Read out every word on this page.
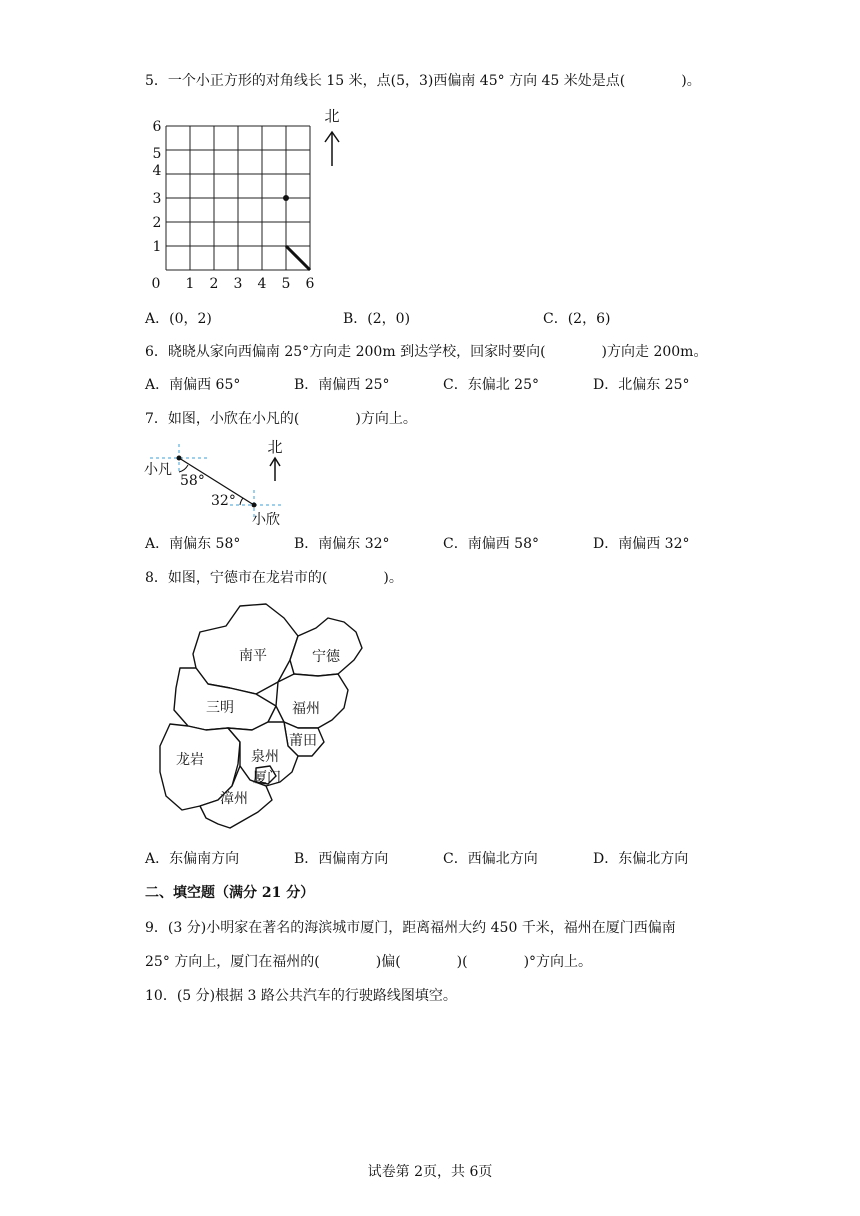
5．一个小正方形的对角线长 15 米，点(5，3)西偏南 45° 方向 45 米处是点(　　　　)。
0 1 2 3 4 5 6
1
2
3
4
5
6
北
A．(0，2)	B．(2，0)	C．(2，6)
6．晓晓从家向西偏南 25°方向走 200m 到达学校，回家时要向(　　　　)方向走 200m。
A．南偏西 65°	B．南偏西 25°	C．东偏北 25°	D．北偏东 25°
7．如图，小欣在小凡的(　　　　)方向上。
小凡
58°
32°
小欣
北
A．南偏东 58°	B．南偏东 32°	C．南偏西 58°	D．南偏西 32°
8．如图，宁德市在龙岩市的(　　　　)。
南平	宁德
三明	福州
莆田
龙岩	泉州
厦门
漳州
A．东偏南方向	B．西偏南方向	C．西偏北方向	D．东偏北方向
二、填空题（满分 21 分）
9．(3 分)小明家在著名的海滨城市厦门，距离福州大约 450 千米，福州在厦门西偏南
25° 方向上，厦门在福州的(　　　　)偏(　　　　)(　　　　)°方向上。
10．(5 分)根据 3 路公共汽车的行驶路线图填空。
试卷第 2页，共 6页
